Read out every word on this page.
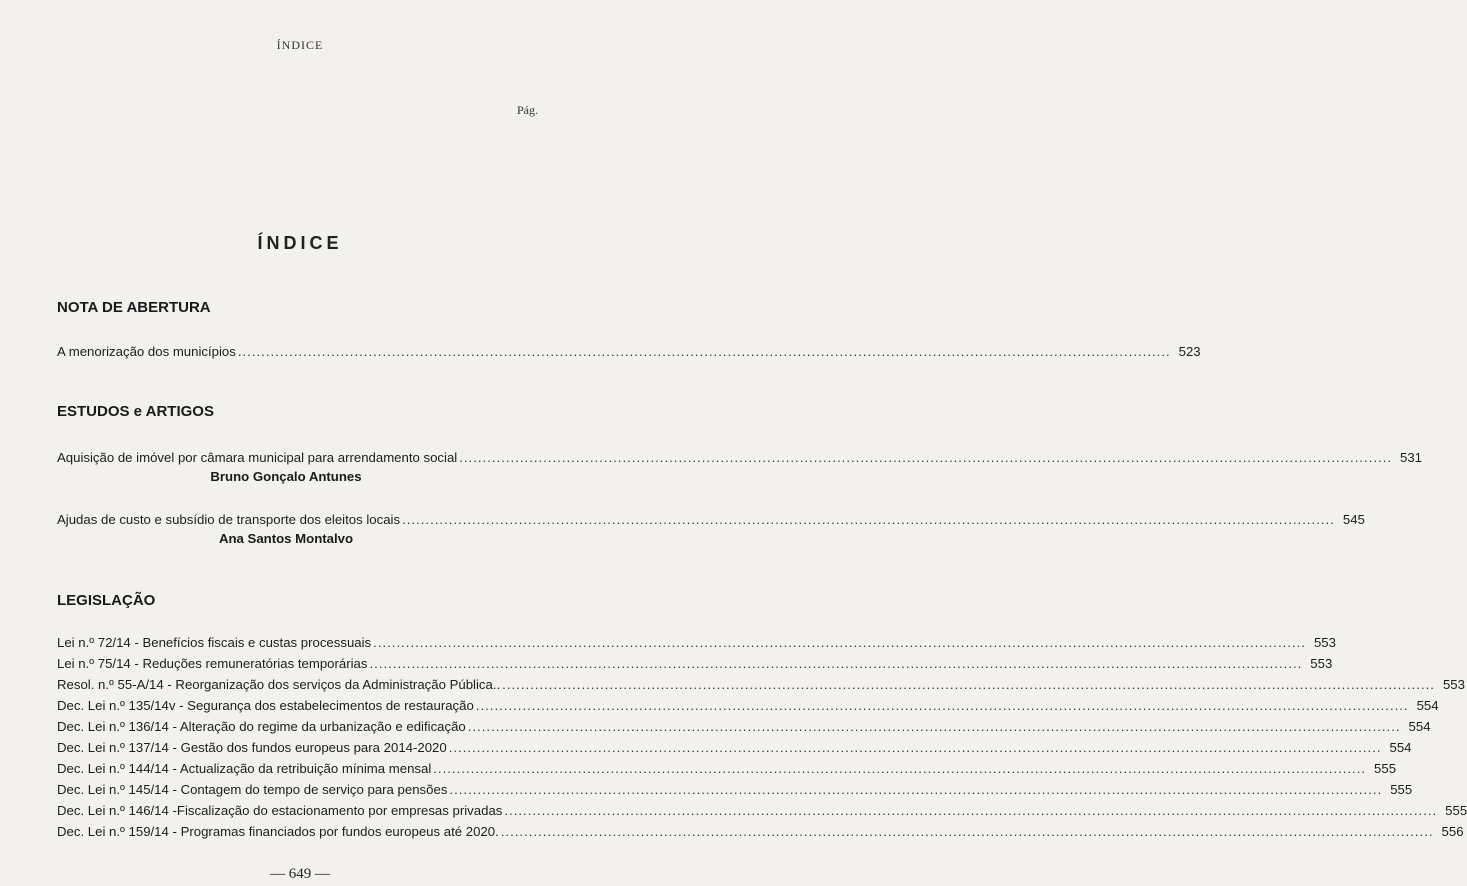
ÍNDICE
Pág.
ÍNDICE
NOTA DE ABERTURA
A menorização dos municípios ........................................................................................................................................................................................................ 523
ESTUDOS e ARTIGOS
Aquisição de imóvel por câmara municipal para arrendamento social ........................................................................................................................................................................................................ 531
Bruno Gonçalo Antunes
Ajudas de custo e subsídio de transporte dos eleitos locais ........................................................................................................................................................................................................ 545
Ana Santos Montalvo
LEGISLAÇÃO
Lei n.º 72/14 - Benefícios fiscais e custas processuais ........................................................................................................................................................................................................ 553
Lei n.º 75/14 - Reduções remuneratórias temporárias ........................................................................................................................................................................................................ 553
Resol. n.º 55-A/14 - Reorganização dos serviços da Administração Pública.. ........................................................................................................................................................................................................ 553
Dec. Lei n.º 135/14v - Segurança dos estabelecimentos de restauração ........................................................................................................................................................................................................ 554
Dec. Lei n.º 136/14 - Alteração do regime da urbanização e edificação ........................................................................................................................................................................................................ 554
Dec. Lei n.º 137/14 - Gestão dos fundos europeus para 2014-2020 ........................................................................................................................................................................................................ 554
Dec. Lei n.º 144/14 - Actualização da retribuição mínima mensal ........................................................................................................................................................................................................ 555
Dec. Lei n.º 145/14 - Contagem do tempo de serviço para pensões ........................................................................................................................................................................................................ 555
Dec. Lei n.º 146/14 -Fiscalização do estacionamento por empresas privadas ........................................................................................................................................................................................................ 555
Dec. Lei n.º 159/14 - Programas financiados por fundos europeus até 2020. ........................................................................................................................................................................................................ 556
— 649 —
